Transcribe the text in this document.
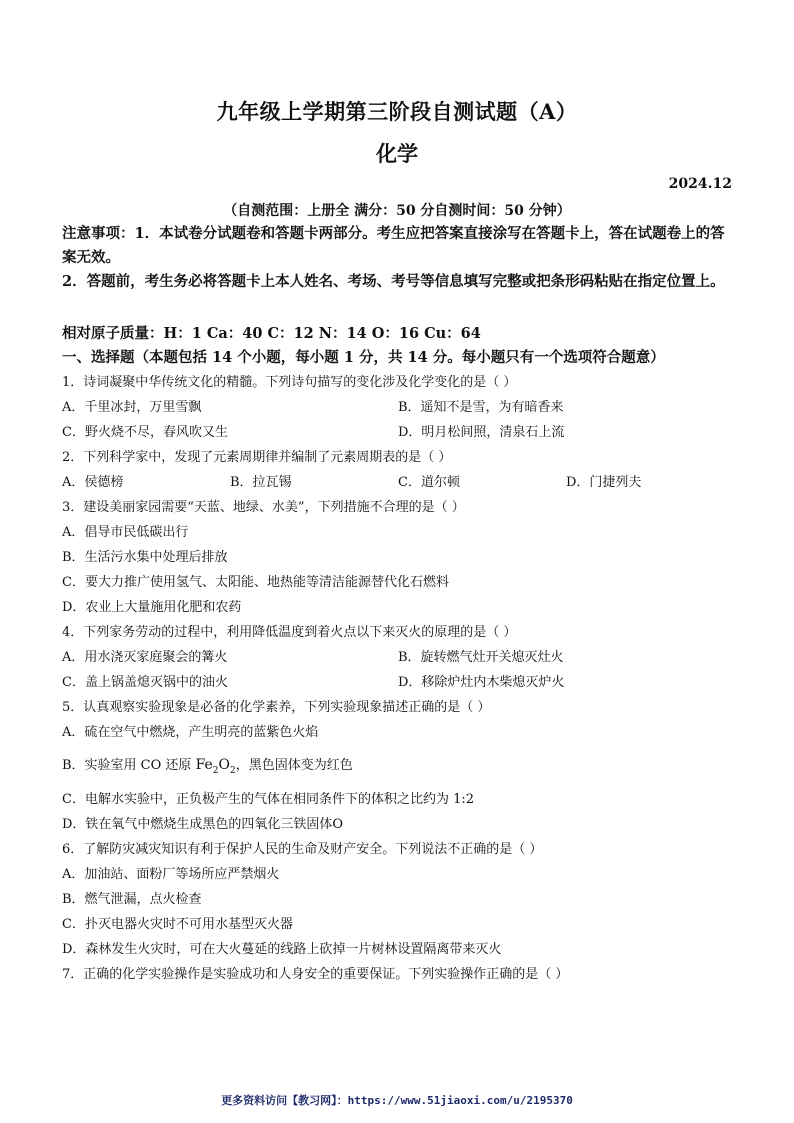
九年级上学期第三阶段自测试题（A）
化学
2024.12
（自测范围：上册全 满分：50 分自测时间：50 分钟）
注意事项：1．本试卷分试题卷和答题卡两部分。考生应把答案直接涂写在答题卡上，答在试题卷上的答案无效。
2．答题前，考生务必将答题卡上本人姓名、考场、考号等信息填写完整或把条形码粘贴在指定位置上。
相对原子质量：H：1 Ca：40 C：12 N：14 O：16 Cu：64
一、选择题（本题包括 14 个小题，每小题 1 分，共 14 分。每小题只有一个选项符合题意）
1．诗词凝聚中华传统文化的精髓。下列诗句描写的变化涉及化学变化的是（ ）
A．千里冰封，万里雪飘	B．遥知不是雪，为有暗香来
C．野火烧不尽，春风吹又生	D．明月松间照，清泉石上流
2．下列科学家中，发现了元素周期律并编制了元素周期表的是（ ）
A．侯德榜	B．拉瓦锡	C．道尔顿	D．门捷列夫
3．建设美丽家园需要“天蓝、地绿、水美”，下列措施不合理的是（ ）
A．倡导市民低碳出行
B．生活污水集中处理后排放
C．要大力推广使用氢气、太阳能、地热能等清洁能源替代化石燃料
D．农业上大量施用化肥和农药
4．下列家务劳动的过程中，利用降低温度到着火点以下来灭火的原理的是（ ）
A．用水浇灭家庭聚会的篝火	B．旋转燃气灶开关熄灭灶火
C．盖上锅盖熄灭锅中的油火	D．移除炉灶内木柴熄灭炉火
5．认真观察实验现象是必备的化学素养，下列实验现象描述正确的是（ ）
A．硫在空气中燃烧，产生明亮的蓝紫色火焰
B．实验室用 CO 还原 $Fe_2O_2$，黑色固体变为红色
C．电解水实验中，正负极产生的气体在相同条件下的体积之比约为 1:2
D．铁在氧气中燃烧生成黑色的四氧化三铁固体O
6．了解防灾减灾知识有利于保护人民的生命及财产安全。下列说法不正确的是（ ）
A．加油站、面粉厂等场所应严禁烟火
B．燃气泄漏，点火检查
C．扑灭电器火灾时不可用水基型灭火器
D．森林发生火灾时，可在大火蔓延的线路上砍掉一片树林设置隔离带来灭火
7．正确的化学实验操作是实验成功和人身安全的重要保证。下列实验操作正确的是（ ）
更多资料访问【教习网】：https://www.51jiaoxi.com/u/2195370
